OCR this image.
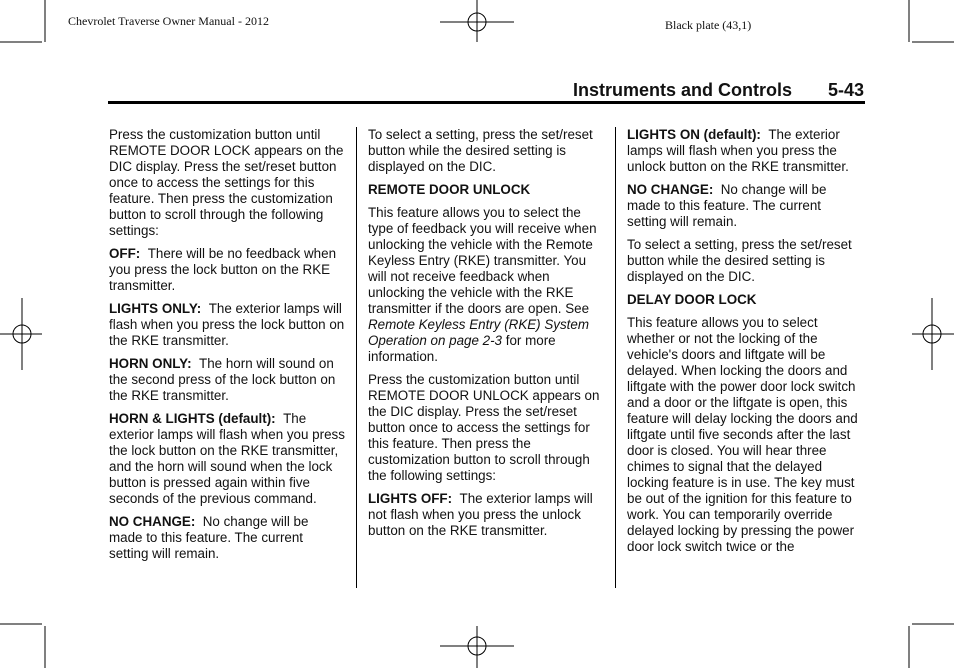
Chevrolet Traverse Owner Manual - 2012	Black plate (43,1)
Instruments and Controls 5-43

Press the customization button until REMOTE DOOR LOCK appears on the DIC display. Press the set/reset button once to access the settings for this feature. Then press the customization button to scroll through the following settings:

OFF: There will be no feedback when you press the lock button on the RKE transmitter.

LIGHTS ONLY: The exterior lamps will flash when you press the lock button on the RKE transmitter.

HORN ONLY: The horn will sound on the second press of the lock button on the RKE transmitter.

HORN & LIGHTS (default): The exterior lamps will flash when you press the lock button on the RKE transmitter, and the horn will sound when the lock button is pressed again within five seconds of the previous command.

NO CHANGE: No change will be made to this feature. The current setting will remain.

To select a setting, press the set/reset button while the desired setting is displayed on the DIC.

REMOTE DOOR UNLOCK

This feature allows you to select the type of feedback you will receive when unlocking the vehicle with the Remote Keyless Entry (RKE) transmitter. You will not receive feedback when unlocking the vehicle with the RKE transmitter if the doors are open. See Remote Keyless Entry (RKE) System Operation on page 2-3 for more information.

Press the customization button until REMOTE DOOR UNLOCK appears on the DIC display. Press the set/reset button once to access the settings for this feature. Then press the customization button to scroll through the following settings:

LIGHTS OFF: The exterior lamps will not flash when you press the unlock button on the RKE transmitter.

LIGHTS ON (default): The exterior lamps will flash when you press the unlock button on the RKE transmitter.

NO CHANGE: No change will be made to this feature. The current setting will remain.

To select a setting, press the set/reset button while the desired setting is displayed on the DIC.

DELAY DOOR LOCK

This feature allows you to select whether or not the locking of the vehicle's doors and liftgate will be delayed. When locking the doors and liftgate with the power door lock switch and a door or the liftgate is open, this feature will delay locking the doors and liftgate until five seconds after the last door is closed. You will hear three chimes to signal that the delayed locking feature is in use. The key must be out of the ignition for this feature to work. You can temporarily override delayed locking by pressing the power door lock switch twice or the
